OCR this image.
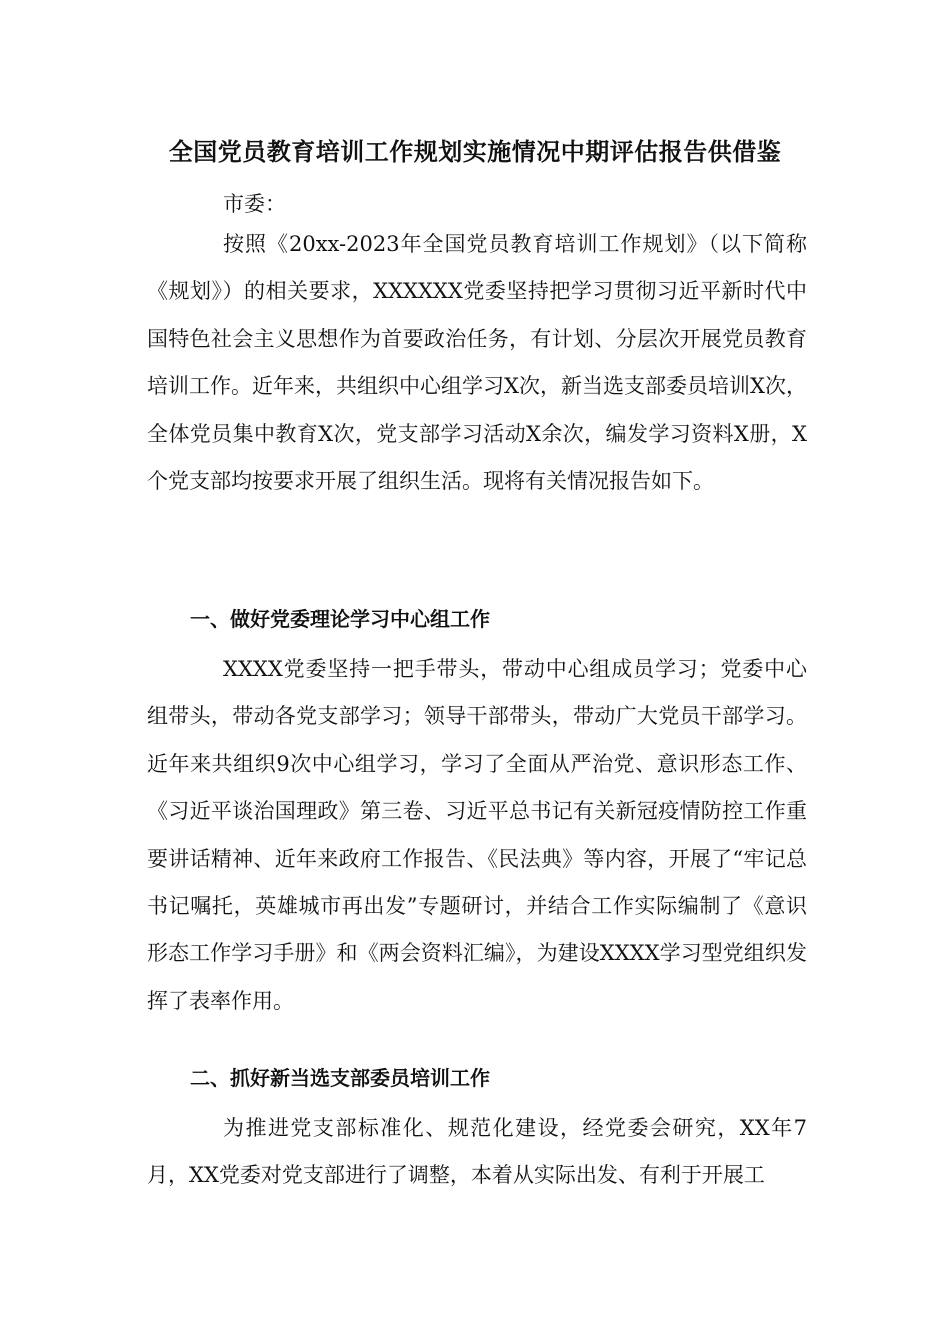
全国党员教育培训工作规划实施情况中期评估报告供借鉴
市委：

按照《20xx-2023年全国党员教育培训工作规划》（以下简称《规划》）的相关要求，XXXXXX党委坚持把学习贯彻习近平新时代中国特色社会主义思想作为首要政治任务，有计划、分层次开展党员教育培训工作。近年来，共组织中心组学习X次，新当选支部委员培训X次，全体党员集中教育X次，党支部学习活动X余次，编发学习资料X册，X个党支部均按要求开展了组织生活。现将有关情况报告如下。

一、做好党委理论学习中心组工作

XXXX党委坚持一把手带头，带动中心组成员学习；党委中心组带头，带动各党支部学习；领导干部带头，带动广大党员干部学习。近年来共组织9次中心组学习，学习了全面从严治党、意识形态工作、《习近平谈治国理政》第三卷、习近平总书记有关新冠疫情防控工作重要讲话精神、近年来政府工作报告、《民法典》等内容，开展了“牢记总书记嘱托，英雄城市再出发”专题研讨，并结合工作实际编制了《意识形态工作学习手册》和《两会资料汇编》，为建设XXXX学习型党组织发挥了表率作用。

二、抓好新当选支部委员培训工作

为推进党支部标准化、规范化建设，经党委会研究，XX年7月，XX党委对党支部进行了调整，本着从实际出发、有利于开展工
